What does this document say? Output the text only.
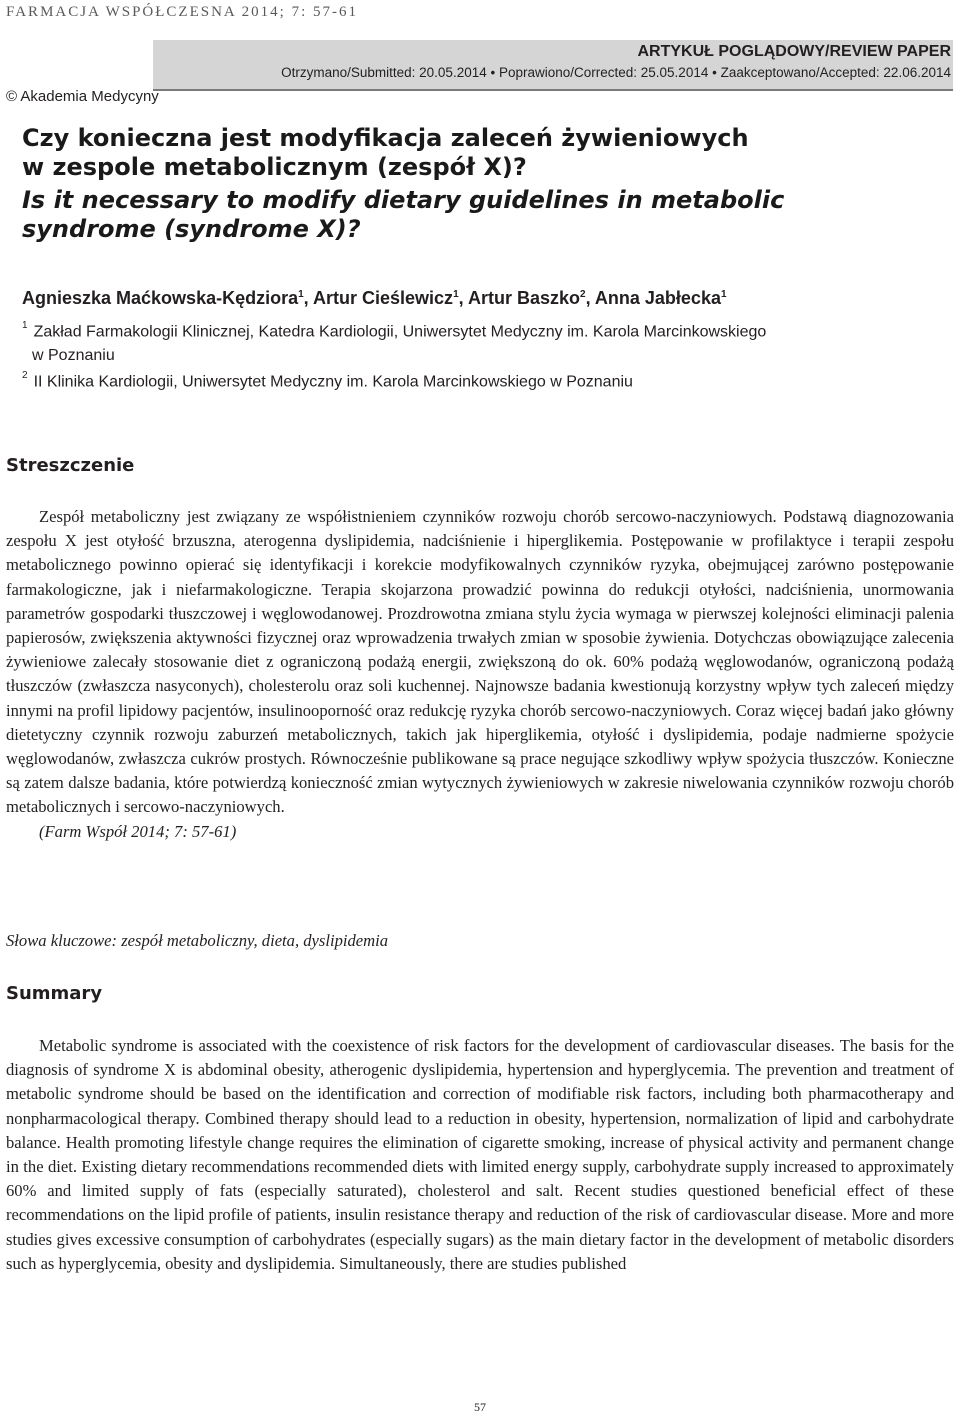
FARMACJA WSPÓŁCZESNA 2014; 7: 57-61
ARTYKUŁ POGLĄDOWY/REVIEW PAPER
Otrzymano/Submitted: 20.05.2014 • Poprawiono/Corrected: 25.05.2014 • Zaakceptowano/Accepted: 22.06.2014
© Akademia Medycyny
Czy konieczna jest modyfikacja zaleceń żywieniowych
w zespole metabolicznym (zespół X)?
Is it necessary to modify dietary guidelines in metabolic
syndrome (syndrome X)?
Agnieszka Maćkowska-Kędziora$^1$, Artur Cieślewicz$^1$, Artur Baszko$^2$, Anna Jabłecka$^1$
$^1$ Zakład Farmakologii Klinicznej, Katedra Kardiologii, Uniwersytet Medyczny im. Karola Marcinkowskiego
w Poznaniu
$^2$ II Klinika Kardiologii, Uniwersytet Medyczny im. Karola Marcinkowskiego w Poznaniu
Streszczenie

Zespół metaboliczny jest związany ze współistnieniem czynników rozwoju chorób sercowo-naczyniowych. Podstawą diagnozowania zespołu X jest otyłość brzuszna, aterogenna dyslipidemia, nadciśnienie i hiperglikemia. Postępowanie w profilaktyce i terapii zespołu metabolicznego powinno opierać się identyfikacji i korekcie modyfikowalnych czynników ryzyka, obejmującej zarówno postępowanie farmakologiczne, jak i niefarmakologiczne. Terapia skojarzona prowadzić powinna do redukcji otyłości, nadciśnienia, unormowania parametrów gospodarki tłuszczowej i węglowodanowej. Prozdrowotna zmiana stylu życia wymaga w pierwszej kolejności eliminacji palenia papierosów, zwiększenia aktywności fizycznej oraz wprowadzenia trwałych zmian w sposobie żywienia. Dotychczas obowiązujące zalecenia żywieniowe zalecały stosowanie diet z ograniczoną podażą energii, zwiększoną do ok. 60% podażą węglowodanów, ograniczoną podażą tłuszczów (zwłaszcza nasyconych), cholesterolu oraz soli kuchennej. Najnowsze badania kwestionują korzystny wpływ tych zaleceń między innymi na profil lipidowy pacjentów, insulinooporność oraz redukcję ryzyka chorób sercowo-naczyniowych. Coraz więcej badań jako główny dietetyczny czynnik rozwoju zaburzeń metabolicznych, takich jak hiperglikemia, otyłość i dyslipidemia, podaje nadmierne spożycie węglowodanów, zwłaszcza cukrów prostych. Równocześnie publikowane są prace negujące szkodliwy wpływ spożycia tłuszczów. Konieczne są zatem dalsze badania, które potwierdzą konieczność zmian wytycznych żywieniowych w zakresie niwelowania czynników rozwoju chorób metabolicznych i sercowo-naczyniowych.
(Farm Współ 2014; 7: 57-61)

Słowa kluczowe: zespół metaboliczny, dieta, dyslipidemia
Summary

Metabolic syndrome is associated with the coexistence of risk factors for the development of cardiovascular diseases. The basis for the diagnosis of syndrome X is abdominal obesity, atherogenic dyslipidemia, hypertension and hyperglycemia. The prevention and treatment of metabolic syndrome should be based on the identification and correction of modifiable risk factors, including both pharmacotherapy and nonpharmacological therapy. Combined therapy should lead to a reduction in obesity, hypertension, normalization of lipid and carbohydrate balance. Health promoting lifestyle change requires the elimination of cigarette smoking, increase of physical activity and permanent change in the diet. Existing dietary recommendations recommended diets with limited energy supply, carbohydrate supply increased to approximately 60% and limited supply of fats (especially saturated), cholesterol and salt. Recent studies questioned beneficial effect of these recommendations on the lipid profile of patients, insulin resistance therapy and reduction of the risk of cardiovascular disease. More and more studies gives excessive consumption of carbohydrates (especially sugars) as the main dietary factor in the development of metabolic disorders such as hyperglycemia, obesity and dyslipidemia. Simultaneously, there are studies published

57
